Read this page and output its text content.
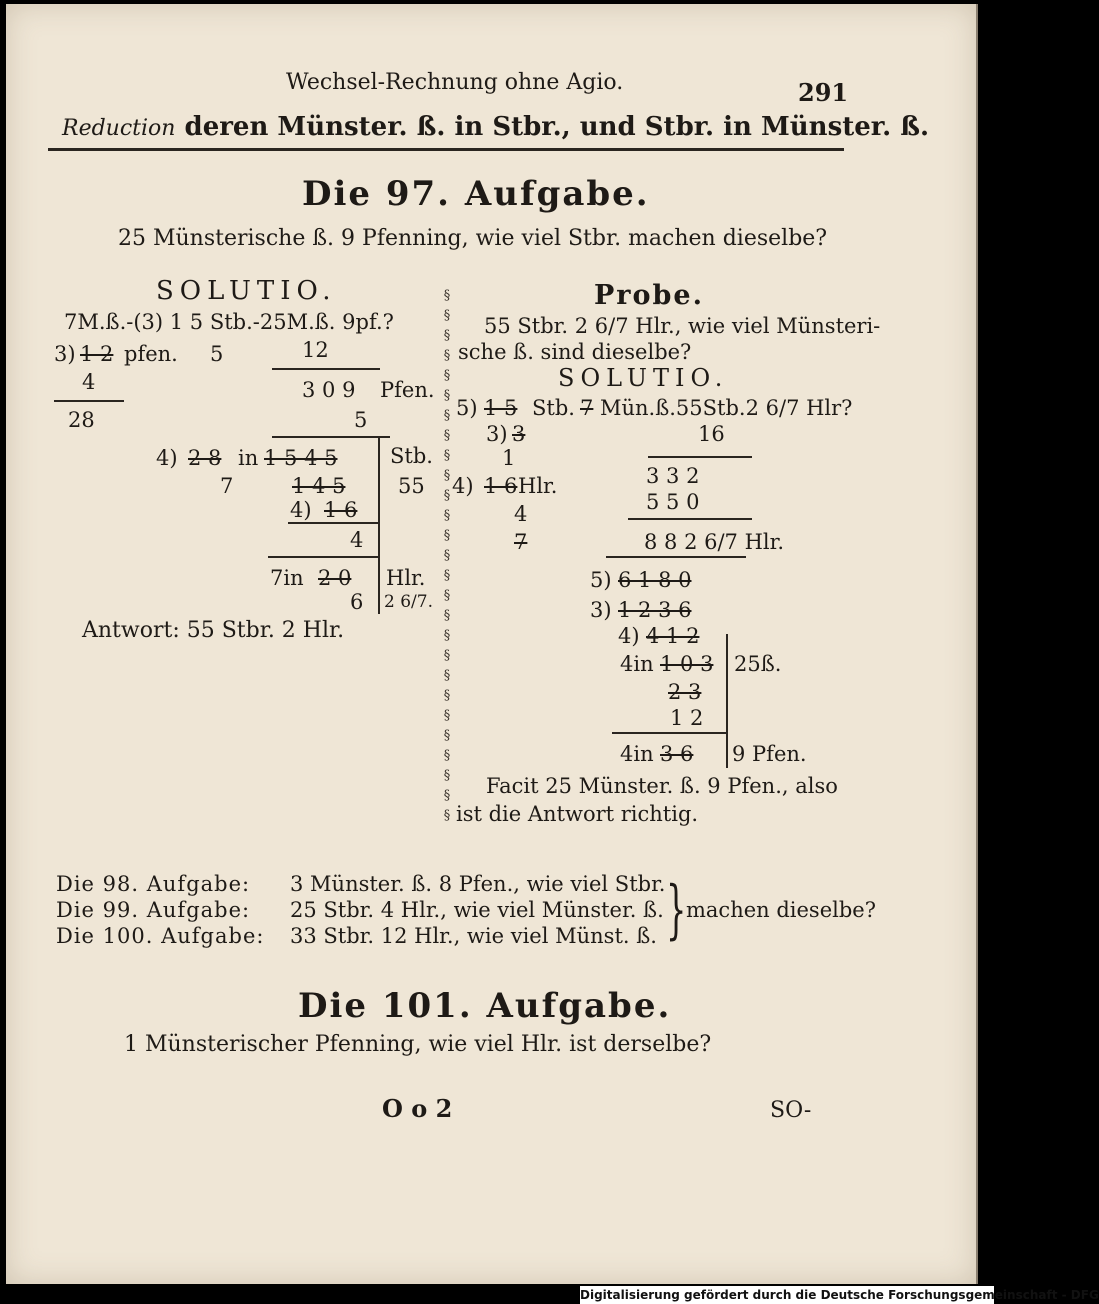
Wechsel-Rechnung ohne Agio.	291
Reduction deren Münster. ß. in Stbr., und Stbr. in Münster. ß.
Die 97. Aufgabe.
25 Münsterische ß. 9 Pfenning, wie viel Stbr. machen dieselbe?
SOLUTIO.
7M.ß.-(3) 1 5 Stb.-25M.ß. 9pf.?
3) 1 2 pfen. 5	12
4
28
3 0 9 Pfen.
5
4) 2 8 in 1 5 4 5	Stb.
7	1 4 5	55
4) 1 6
4
7in 2 0 Hlr.
6 2 6/7.
Antwort: 55 Stbr. 2 Hlr.
§
§
§
§
§
§
§
§
§
§
§
§
§
§
§
§
§
§
§
§
§
§
§
§
§
§
§
Probe.
55 Stbr. 2 6/7 Hlr., wie viel Münsteri-
sche ß. sind dieselbe?
SOLUTIO.
5) 1 5 Stb. 7 Mün.ß.55Stb.2 6/7 Hlr?
3) 3	16
1
3 3 2
4) 1 6 Hlr.
5 5 0
4
7	8 8 2 6/7 Hlr.
5) 6 1 8 0
3) 1 2 3 6
4) 4 1 2
4in 1 0 3 25ß.
2 3
1 2
4in 3 6 9 Pfen.
Facit 25 Münster. ß. 9 Pfen., also
ist die Antwort richtig.
Die 98. Aufgabe: 3 Münster. ß. 8 Pfen., wie viel Stbr.
Die 99. Aufgabe: 25 Stbr. 4 Hlr., wie viel Münster. ß.
Die 100. Aufgabe: 33 Stbr. 12 Hlr., wie viel Münst. ß. } machen dieselbe?
Die 101. Aufgabe.
1 Münsterischer Pfenning, wie viel Hlr. ist derselbe?
O o 2	SO-
Digitalisierung gefördert durch die Deutsche Forschungsgemeinschaft - DFG
